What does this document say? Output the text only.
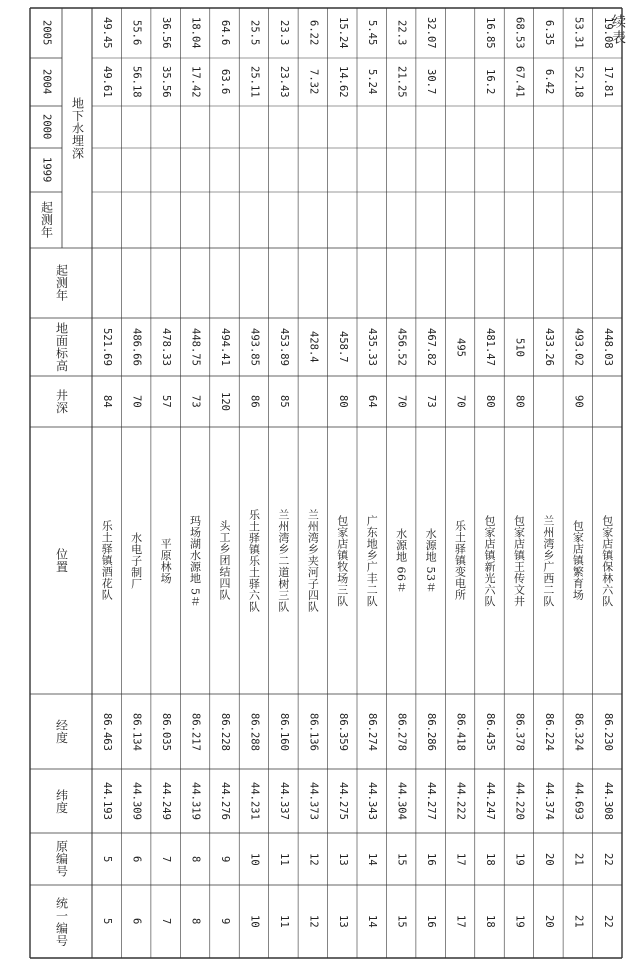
续表
统一编号
原编号
纬度
经度
位置
井深
地面标高
起测年
地下水埋深
起测年
1999
2000
2004
2005
5
5
44.193
86.463
乐土驿镇酒花队
84
521.69
49.61
49.45
6
6
44.309
86.134
水电子制厂
70
486.66
56.18
55.6
7
7
44.249
86.035
平原林场
57
478.33
35.56
36.56
8
8
44.319
86.217
玛场湖水源地 5＃
73
448.75
17.42
18.04
9
9
44.276
86.228
头工乡团结四队
120
494.41
63.6
64.6
10
10
44.231
86.288
乐土驿镇乐土驿六队
86
493.85
25.11
25.5
11
11
44.337
86.160
兰州湾乡二道树三队
85
453.89
23.43
23.3
12
12
44.373
86.136
兰州湾乡夹河子四队
428.4
7.32
6.22
13
13
44.275
86.359
包家店镇牧场三队
80
458.7
14.62
15.24
14
14
44.343
86.274
广东地乡广丰二队
64
435.33
5.24
5.45
15
15
44.304
86.278
水源地 66＃
70
456.52
21.25
22.3
16
16
44.277
86.286
水源地 53＃
73
467.82
30.7
32.07
17
17
44.222
86.418
乐土驿镇变电所
70
495
18
18
44.247
86.435
包家店镇新光六队
80
481.47
16.2
16.85
19
19
44.220
86.378
包家店镇王传文井
80
510
67.41
68.53
20
20
44.374
86.224
兰州湾乡广西二队
433.26
6.42
6.35
21
21
44.693
86.324
包家店镇繁育场
90
493.02
52.18
53.31
22
22
44.308
86.230
包家店镇保林六队
448.03
17.81
19.08
